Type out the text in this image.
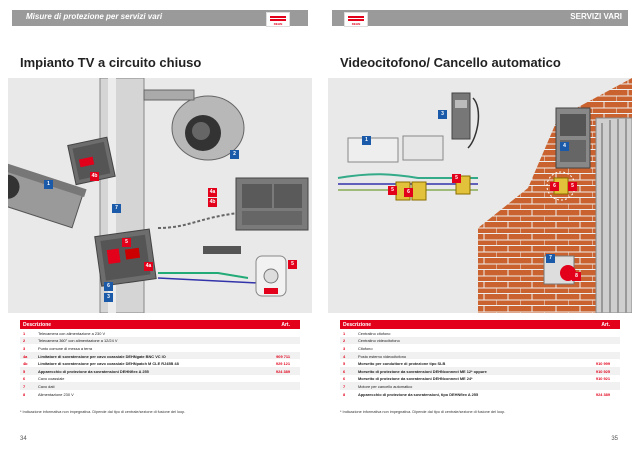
Misure di protezione per servizi vari
DEHN
Impianto TV a circuito chiuso
4b
2
1
7
4a
4b
5
4a
6
3
5
Descrizione	Art.
1	Telecamera con alimentazione a 230 V
2	Telecamera 360° con alimentazione a 12/24 V
3	Punto comune di messa a terra
4a	Limitatore di sovratensione per cavo coassiale DEHNgate BNC VC IO	909 711
4b	Limitatore di sovratensione per cavo coassiale DEHNpatch M CLE RJ45B 48	929 121
5	Apparecchio di protezione da sovratensioni DEHNflex A 255	924 389
6	Cavo coassiale
7	Cavo dati
8	Alimentazione 230 V
* Indicazione informativa non impegnativa. Dipende dal tipo di centrale/sezione di fusione del loop.
34
SERVIZI VARI
DEHN
Videocitofono/ Cancello automatico
1
3
4
5	6
5
6	5
7
8
Descrizione	Art.
1	Centralino citofono
2	Centralino videocitofono
3	Citofono
4	Posto esterno videocitofono
5	Morsetto per conduttore di protezione tipo SLB	910 999
6	Morsetto di protezione da sovratensioni DEHNconnect ME 12* oppure	910 925
6	Morsetto di protezione da sovratensioni DEHNconnect ME 24*	910 921
7	Motore per cancello automatico
8	Apparecchio di protezione da sovratensioni, tipo DEHNflex A 255	924 389
* Indicazione informativa non impegnativa. Dipende dal tipo di centrale/sezione di fusione del loop.
35
